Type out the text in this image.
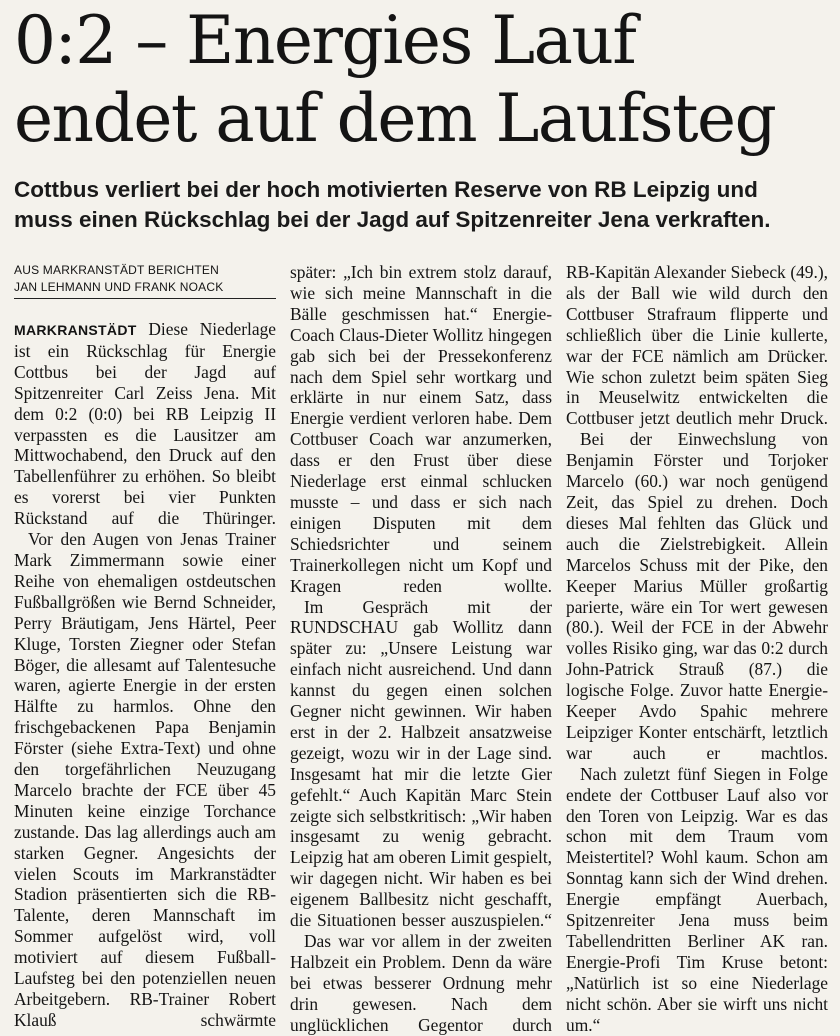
0:2 – Energies Lauf
endet auf dem Laufsteg
Cottbus verliert bei der hoch motivierten Reserve von RB Leipzig und
muss einen Rückschlag bei der Jagd auf Spitzenreiter Jena verkraften.
AUS MARKRANSTÄDT BERICHTEN
JAN LEHMANN UND FRANK NOACK

MARKRANSTÄDT Diese Niederlage ist ein Rückschlag für Energie Cottbus bei der Jagd auf Spitzenreiter Carl Zeiss Jena. Mit dem 0:2 (0:0) bei RB Leipzig II verpassten es die Lausitzer am Mittwochabend, den Druck auf den Tabellenführer zu erhöhen. So bleibt es vorerst bei vier Punkten Rückstand auf die Thüringer.

Vor den Augen von Jenas Trainer Mark Zimmermann sowie einer Reihe von ehemaligen ostdeutschen Fußballgrößen wie Bernd Schneider, Perry Bräutigam, Jens Härtel, Peer Kluge, Torsten Ziegner oder Stefan Böger, die allesamt auf Talentesuche waren, agierte Energie in der ersten Hälfte zu harmlos. Ohne den frischgebackenen Papa Benjamin Förster (siehe Extra-Text) und ohne den torgefährlichen Neuzugang Marcelo brachte der FCE über 45 Minuten keine einzige Torchance zustande. Das lag allerdings auch am starken Gegner. Angesichts der vielen Scouts im Markranstädter Stadion präsentierten sich die RB-Talente, deren Mannschaft im Sommer aufgelöst wird, voll motiviert auf diesem Fußball-Laufsteg bei den potenziellen neuen Arbeitgebern. RB-Trainer Robert Klauß schwärmte

später: „Ich bin extrem stolz darauf, wie sich meine Mannschaft in die Bälle geschmissen hat.“ Energie-Coach Claus-Dieter Wollitz hingegen gab sich bei der Pressekonferenz nach dem Spiel sehr wortkarg und erklärte in nur einem Satz, dass Energie verdient verloren habe. Dem Cottbuser Coach war anzumerken, dass er den Frust über diese Niederlage erst einmal schlucken musste – und dass er sich nach einigen Disputen mit dem Schiedsrichter und seinem Trainerkollegen nicht um Kopf und Kragen reden wollte.

Im Gespräch mit der RUNDSCHAU gab Wollitz dann später zu: „Unsere Leistung war einfach nicht ausreichend. Und dann kannst du gegen einen solchen Gegner nicht gewinnen. Wir haben erst in der 2. Halbzeit ansatzweise gezeigt, wozu wir in der Lage sind. Insgesamt hat mir die letzte Gier gefehlt.“ Auch Kapitän Marc Stein zeigte sich selbstkritisch: „Wir haben insgesamt zu wenig gebracht. Leipzig hat am oberen Limit gespielt, wir dagegen nicht. Wir haben es bei eigenem Ballbesitz nicht geschafft, die Situationen besser auszuspielen.“

Das war vor allem in der zweiten Halbzeit ein Problem. Denn da wäre bei etwas besserer Ordnung mehr drin gewesen. Nach dem unglücklichen Gegentor durch

RB-Kapitän Alexander Siebeck (49.), als der Ball wie wild durch den Cottbuser Strafraum flipperte und schließlich über die Linie kullerte, war der FCE nämlich am Drücker. Wie schon zuletzt beim späten Sieg in Meuselwitz entwickelten die Cottbuser jetzt deutlich mehr Druck.

Bei der Einwechslung von Benjamin Förster und Torjoker Marcelo (60.) war noch genügend Zeit, das Spiel zu drehen. Doch dieses Mal fehlten das Glück und auch die Zielstrebigkeit. Allein Marcelos Schuss mit der Pike, den Keeper Marius Müller großartig parierte, wäre ein Tor wert gewesen (80.). Weil der FCE in der Abwehr volles Risiko ging, war das 0:2 durch John-Patrick Strauß (87.) die logische Folge. Zuvor hatte Energie-Keeper Avdo Spahic mehrere Leipziger Konter entschärft, letztlich war auch er machtlos.

Nach zuletzt fünf Siegen in Folge endete der Cottbuser Lauf also vor den Toren von Leipzig. War es das schon mit dem Traum vom Meistertitel? Wohl kaum. Schon am Sonntag kann sich der Wind drehen. Energie empfängt Auerbach, Spitzenreiter Jena muss beim Tabellendritten Berliner AK ran. Energie-Profi Tim Kruse betont: „Natürlich ist so eine Niederlage nicht schön. Aber sie wirft uns nicht um.“
